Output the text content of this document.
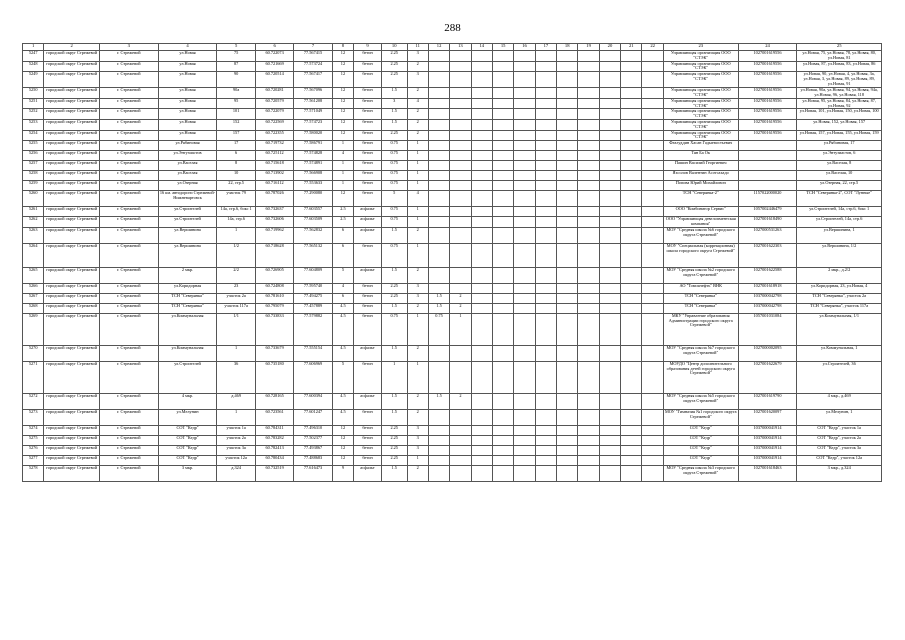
288
1	2	3	4	5	6	7	8	9	10	11	12	13	14	15	16	17	18	19	20	21	22	23	24	25
5247	городской округ Стрежевой	г. Стрежевой	ул.Новая	75	60.722073	77.567415	12	бетон	2.25	3												Управляющая организация ООО "СТЭК"	1027001619556	ул.Новая, 75, ул.Новая, 78, ул.Новая, 80, ул.Новая, 81
5248	городской округ Стрежевой	г. Стрежевой	ул.Новая	87	60.721669	77.573724	12	бетон	2.25	2												Управляющая организация ООО "СТЭК"	1027001619556	ул.Новая, 87, ул.Новая, 83, ул.Новая, 86
5249	городской округ Стрежевой	г. Стрежевой	ул.Новая	90	60.720514	77.567417	12	бетон	2.25	3												Управляющая организация ООО "СТЭК"	1027001619556	ул.Новая, 90, ул.Новая, 4, ул.Новая, 3а, ул.Новая, 3, ул.Новая, 89, ул.Новая, 89, ул.Новая, 91
5250	городской округ Стрежевой	г. Стрежевой	ул.Новая	90а	60.720281	77.567096	12	бетон	1.5	2												Управляющая организация ООО "СТЭК"	1027001619556	ул.Новая, 90а, ул.Новая, 94, ул.Новая, 94а, ул.Новая, 96, ул.Новая, 118
5251	городской округ Стрежевой	г. Стрежевой	ул.Новая	95	60.720579	77.561208	12	бетон	3	4												Управляющая организация ООО "СТЭК"	1027001619556	ул.Новая, 95, ул.Новая, 84, ул.Новая, 87, ул.Новая, 92
5252	городской округ Стрежевой	г. Стрежевой	ул.Новая	101	60.722079	77.571049	12	бетон	1.5	2												Управляющая организация ООО "СТЭК"	1027001619556	ул.Новая, 101, ул.Новая, 150, ул.Новая, 100
5253	городской округ Стрежевой	г. Стрежевой	ул.Новая	152	60.722569	77.574723	12	бетон	1.5	2												Управляющая организация ООО "СТЭК"	1027001619556	ул.Новая, 152, ул.Новая, 157
5254	городской округ Стрежевой	г. Стрежевой	ул.Новая	157	60.722355	77.580020	12	бетон	2.25	2												Управляющая организация ООО "СТЭК"	1027001619556	ул.Новая, 157, ул.Новая, 155, ул.Новая, 159
5255	городской округ Стрежевой	г. Стрежевой	ул.Рябиновая	17	60.719732	77.586791	1	бетон	0.75	1												Фазлуддин Хасан Гадыевостьевич		ул.Рябиновая, 17
5256	городской округ Стрежевой	г. Стрежевой	ул.Энтузиастов	6	60.725112	77.574828	4	бетон	0.75	1												Тян Ба Ок		ул.Энтузиастов, 6
5257	городской округ Стрежевой	г. Стрежевой	ул.Васелая	8	60.715618	77.574891	1	бетон	0.75	1												Пашин Василий Георгиевич		ул.Васелая, 8
5258	городской округ Стрежевой	г. Стрежевой	ул.Васелая	10	60.713902	77.566908	1	бетон	0.75	1												Яхсолов Валентин Асотсахадо		ул.Васелая, 10
5259	городской округ Стрежевой	г. Стрежевой	ул.Озерная	22, стр.5	60.716112	77.553633	1	бетон	0.75	1												Попова Юрий Михайлович		ул.Озерная, 22, стр.5
5260	городской округ Стрежевой	г. Стрежевой	16 км. автодороги Стрежевой-Нижневартовск	участок 79	60.787026	77.290080	12	бетон	5	4												ТСН "Северянка-2"	1157022000020	ТСН "Северянка-2", СОТ "Лунные"
5261	городской округ Стрежевой	г. Стрежевой	ул.Строителей	14а, стр.6, бокс 1	60.732637	77.603557	2.5	асфальт	0.75	1												ООО "Комбинатор Сервис"	1057002446479	ул.Строителей, 14а, стр.6, бокс 1
5262	городской округ Стрежевой	г. Стрежевой	ул.Строителей	14а, стр.6	60.732606	77.603509	2.5	асфальт	0.75	1												ООО "Управляющая девелопментская компания"	1027001618490	ул.Строителей, 14а, стр.6
5263	городской округ Стрежевой	г. Стрежевой	ул.Вершинина	1	60.719962	77.562832	6	асфальт	1.5	2												МОУ "Средняя школа №6 городского округа Стрежевой"	1027000531263	ул.Вершинина, 1
5264	городской округ Стрежевой	г. Стрежевой	ул.Вершинина	1/2	60.718628	77.565132	6	бетон	0.75	1												МОУ "Специальная (коррекционная) школа городского округа Стрежевой"	1027001622303	ул.Вершинина, 1/2
5265	городской округ Стрежевой	г. Стрежевой	2 мкр.	2/2	60.726905	77.604809	5	асфальт	1.5	2												МОУ "Средняя школа №2 городского округа Стрежевой"	1027001622588	2 мкр., д.2/2
5266	городской округ Стрежевой	г. Стрежевой	ул.Коридорная	23	60.724808	77.595740	4	бетон	2.25	3												АО "Томскнефть" ВНК	1027001618918	ул.Коридорная, 23, ул.Новая, 4
5267	городской округ Стрежевой	г. Стрежевой	ТСН "Северянка"	участок 2а	60.781610	77.494275	6	бетон	2.25	3	1.5	2										ТСН "Северянка"	1037000042798	ТСН "Северянка", участок 2а
5268	городской округ Стрежевой	г. Стрежевой	ТСН "Северянка"	участок 117а	60.795079	77.457889	4.5	бетон	1.5	2	1.5	2										ТСН "Северянка"	1037000042798	ТСН "Северянка", участок 117а
5269	городской округ Стрежевой	г. Стрежевой	ул.Коммунальная	1/1	60.733833	77.579882	4.5	бетон	0.75	1	0.75	1										МКУ "Управление образования Администрации городского округа Стрежевой"	1057001031084	ул.Коммунальная, 1/1
5270	городской округ Стрежевой	г. Стрежевой	ул.Коммунальная	1	60.733679	77.555154	4.5	асфальт	1.5	2												МОУ "Средняя школа №7 городского округа Стрежевой"	1027000002095	ул.Коммунальная, 1
5271	городской округ Стрежевой	г. Стрежевой	ул.Строителей	36	60.735180	77.606969	5	бетон	1	1												МОУДО "Центр дополнительного образования детей городского округа Стрежевой"	1027001622679	ул.Строителей, 36
5272	городской округ Стрежевой	г. Стрежевой	4 мкр.	д.469	60.728165	77.600394	4.5	асфальт	1.5	2	1.5	2										МОУ "Средняя школа №5 городского округа Стрежевой"	1027001619790	4 мкр., д.469
5273	городской округ Стрежевой	г. Стрежевой	ул.Мелунин	1	60.723561	77.601247	4.5	бетон	1.5	2												МОУ "Гимназия №1 городского округа Стрежевой"	1027001620097	ул.Мелунин, 1
5274	городской округ Стрежевой	г. Стрежевой	СОТ "Кедр"	участок 1а	60.784311	77.496310	12	бетон	2.25	3												СОТ "Кедр"	1037000041914	СОТ "Кедр", участок 1а
5275	городской округ Стрежевой	г. Стрежевой	СОТ "Кедр"	участок 2а	60.783282	77.502377	12	бетон	2.25	3												СОТ "Кедр"	1037000041914	СОТ "Кедр", участок 2а
5276	городской округ Стрежевой	г. Стрежевой	СОТ "Кедр"	участок 3а	60.782413	77.493867	12	бетон	2.25	3												СОТ "Кедр"	1037000041914	СОТ "Кедр", участок 3а
5277	городской округ Стрежевой	г. Стрежевой	СОТ "Кедр"	участок 12а	60.780434	77.488683	12	бетон	2.25	1												СОТ "Кедр"	1037000041914	СОТ "Кедр", участок 12а
5278	городской округ Стрежевой	г. Стрежевой	3 мкр.	д.324	60.732519	77.616473	9	асфальт	1.5	2												МОУ "Средняя школа №3 городского округа Стрежевой"	1027001618463	3 мкр., д.324
